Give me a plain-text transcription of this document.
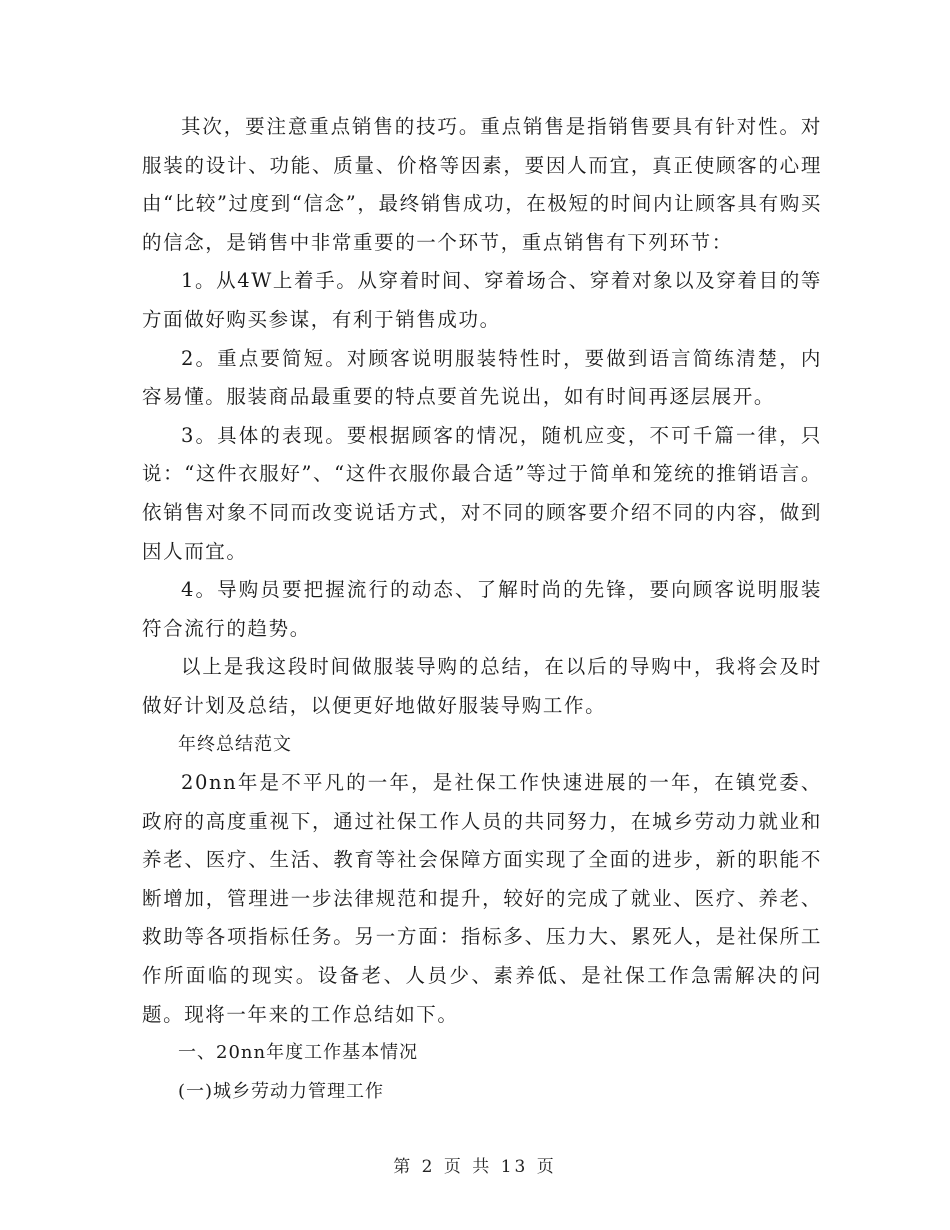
其次，要注意重点销售的技巧。重点销售是指销售要具有针对性。对服装的设计、功能、质量、价格等因素，要因人而宜，真正使顾客的心理由“比较”过度到“信念”，最终销售成功，在极短的时间内让顾客具有购买的信念，是销售中非常重要的一个环节，重点销售有下列环节：

1。从4W上着手。从穿着时间、穿着场合、穿着对象以及穿着目的等方面做好购买参谋，有利于销售成功。

2。重点要简短。对顾客说明服装特性时，要做到语言简练清楚，内容易懂。服装商品最重要的特点要首先说出，如有时间再逐层展开。

3。具体的表现。要根据顾客的情况，随机应变，不可千篇一律，只说：“这件衣服好”、“这件衣服你最合适”等过于简单和笼统的推销语言。依销售对象不同而改变说话方式，对不同的顾客要介绍不同的内容，做到因人而宜。

4。导购员要把握流行的动态、了解时尚的先锋，要向顾客说明服装符合流行的趋势。

以上是我这段时间做服装导购的总结，在以后的导购中，我将会及时做好计划及总结，以便更好地做好服装导购工作。

年终总结范文

20nn年是不平凡的一年，是社保工作快速进展的一年，在镇党委、政府的高度重视下，通过社保工作人员的共同努力，在城乡劳动力就业和养老、医疗、生活、教育等社会保障方面实现了全面的进步，新的职能不断增加，管理进一步法律规范和提升，较好的完成了就业、医疗、养老、救助等各项指标任务。另一方面：指标多、压力大、累死人，是社保所工作所面临的现实。设备老、人员少、素养低、是社保工作急需解决的问题。现将一年来的工作总结如下。

一、20nn年度工作基本情况

(一)城乡劳动力管理工作

第 2 页 共 13 页
